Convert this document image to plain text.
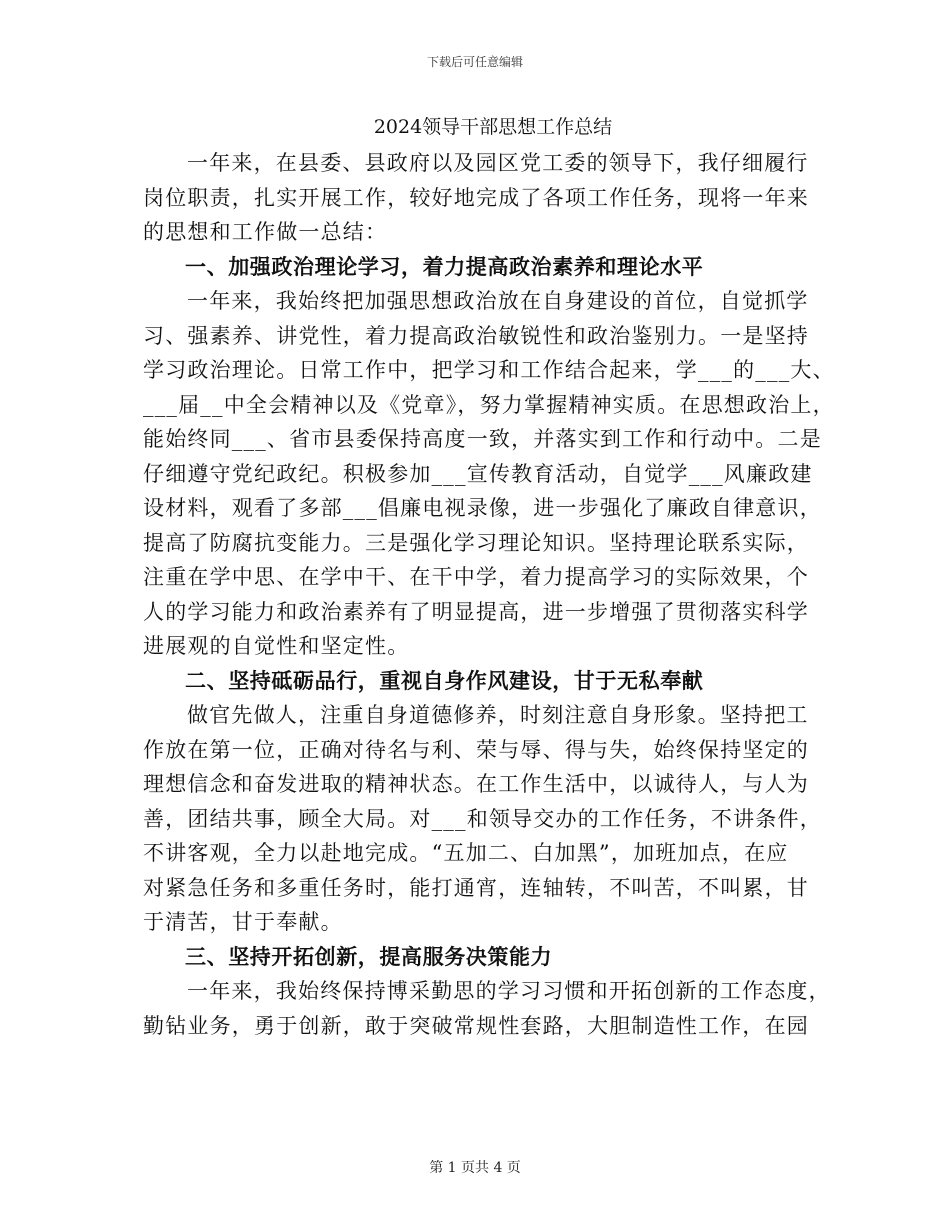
下载后可任意编辑
2024领导干部思想工作总结
一年来，在县委、县政府以及园区党工委的领导下，我仔细履行
岗位职责，扎实开展工作，较好地完成了各项工作任务，现将一年来
的思想和工作做一总结：
一、加强政治理论学习，着力提高政治素养和理论水平
一年来，我始终把加强思想政治放在自身建设的首位，自觉抓学
习、强素养、讲党性，着力提高政治敏锐性和政治鉴别力。一是坚持
学习政治理论。日常工作中，把学习和工作结合起来，学___的___大、
___届__中全会精神以及《党章》，努力掌握精神实质。在思想政治上，
能始终同___、省市县委保持高度一致，并落实到工作和行动中。二是
仔细遵守党纪政纪。积极参加___宣传教育活动，自觉学___风廉政建
设材料，观看了多部___倡廉电视录像，进一步强化了廉政自律意识，
提高了防腐抗变能力。三是强化学习理论知识。坚持理论联系实际，
注重在学中思、在学中干、在干中学，着力提高学习的实际效果，个
人的学习能力和政治素养有了明显提高，进一步增强了贯彻落实科学
进展观的自觉性和坚定性。
二、坚持砥砺品行，重视自身作风建设，甘于无私奉献
做官先做人，注重自身道德修养，时刻注意自身形象。坚持把工
作放在第一位，正确对待名与利、荣与辱、得与失，始终保持坚定的
理想信念和奋发进取的精神状态。在工作生活中，以诚待人，与人为
善，团结共事，顾全大局。对___和领导交办的工作任务，不讲条件，
不讲客观，全力以赴地完成。“五加二、白加黑”，加班加点，在应
对紧急任务和多重任务时，能打通宵，连轴转，不叫苦，不叫累，甘
于清苦，甘于奉献。
三、坚持开拓创新，提高服务决策能力
一年来，我始终保持博采勤思的学习习惯和开拓创新的工作态度，
勤钻业务，勇于创新，敢于突破常规性套路，大胆制造性工作，在园
第 1 页共 4 页
